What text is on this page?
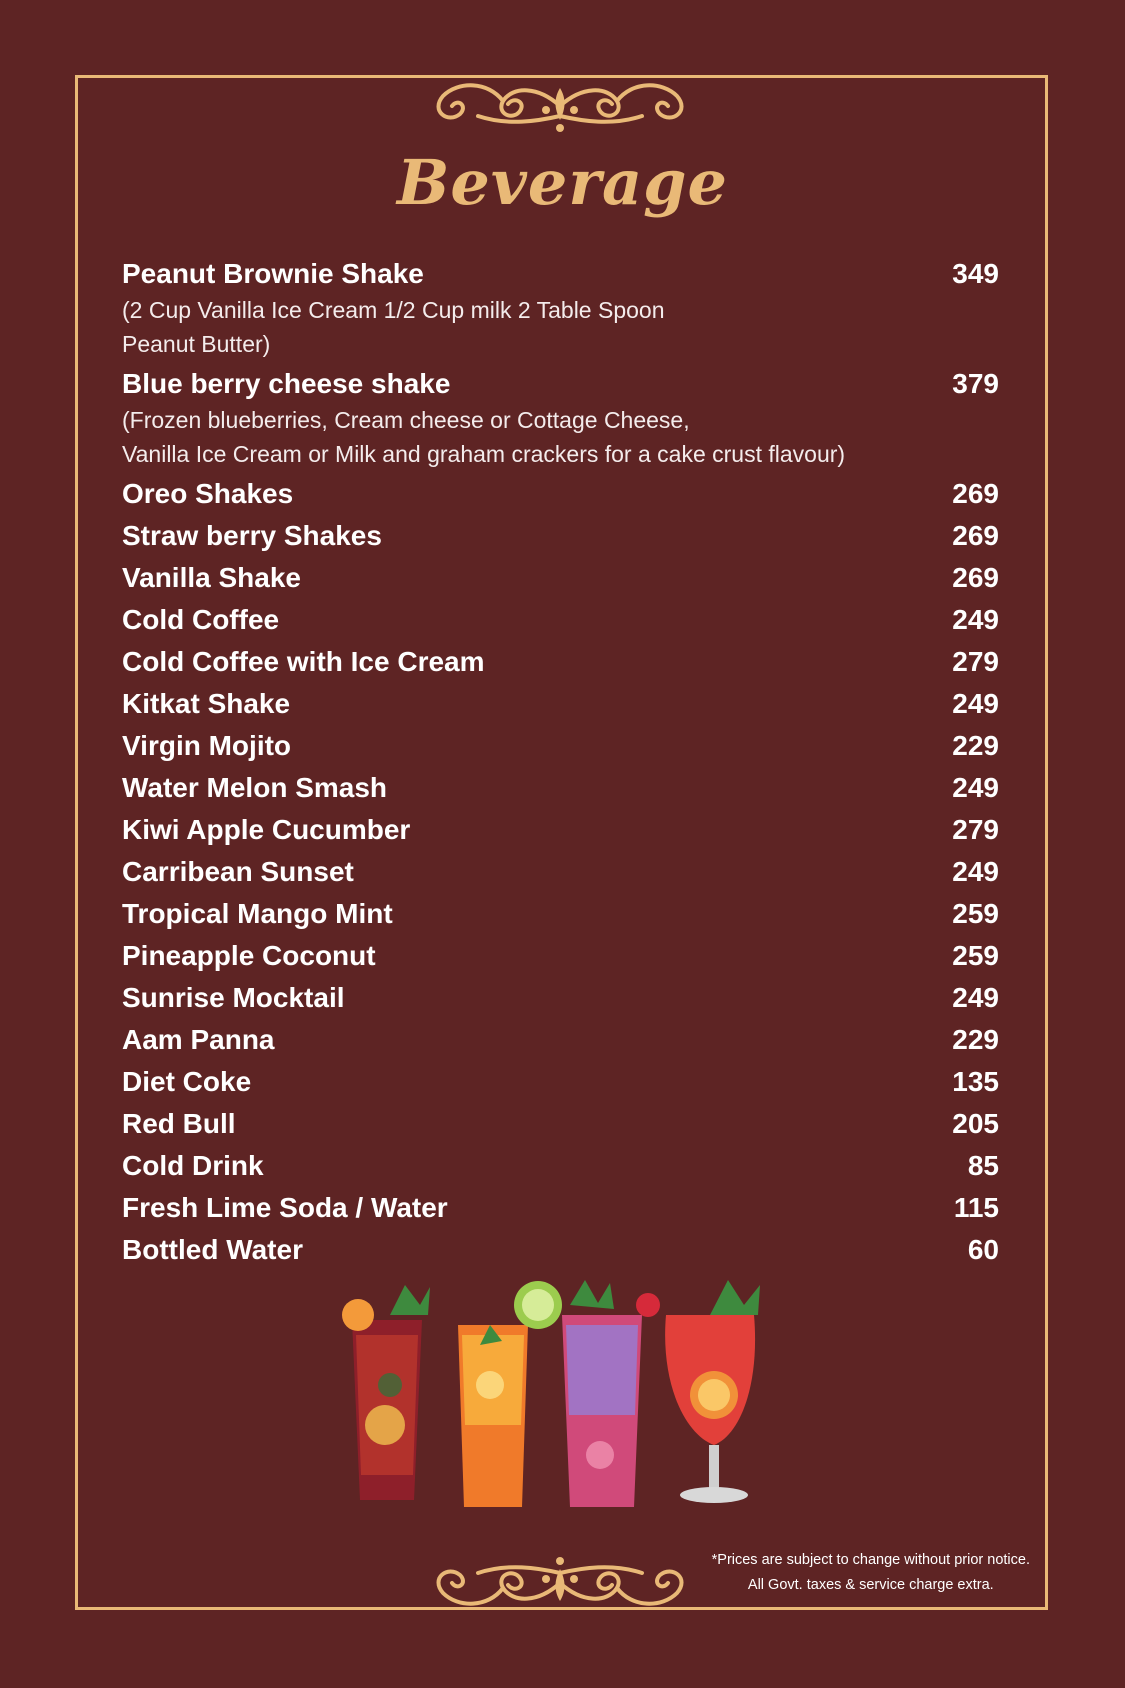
Beverage
Peanut Brownie Shake	349
(2 Cup Vanilla Ice Cream 1/2 Cup milk 2 Table Spoon
Peanut Butter)
Blue berry cheese shake	379
(Frozen blueberries, Cream cheese or Cottage Cheese,
Vanilla Ice Cream or Milk and graham crackers for a cake crust flavour)
Oreo Shakes	269
Straw berry Shakes	269
Vanilla Shake	269
Cold Coffee	249
Cold Coffee with Ice Cream	279
Kitkat Shake	249
Virgin Mojito	229
Water Melon Smash	249
Kiwi Apple Cucumber	279
Carribean Sunset	249
Tropical Mango Mint	259
Pineapple Coconut	259
Sunrise Mocktail	249
Aam Panna	229
Diet Coke	135
Red Bull	205
Cold Drink	85
Fresh Lime Soda / Water	115
Bottled Water	60
*Prices are subject to change without prior notice.
All Govt. taxes & service charge extra.
